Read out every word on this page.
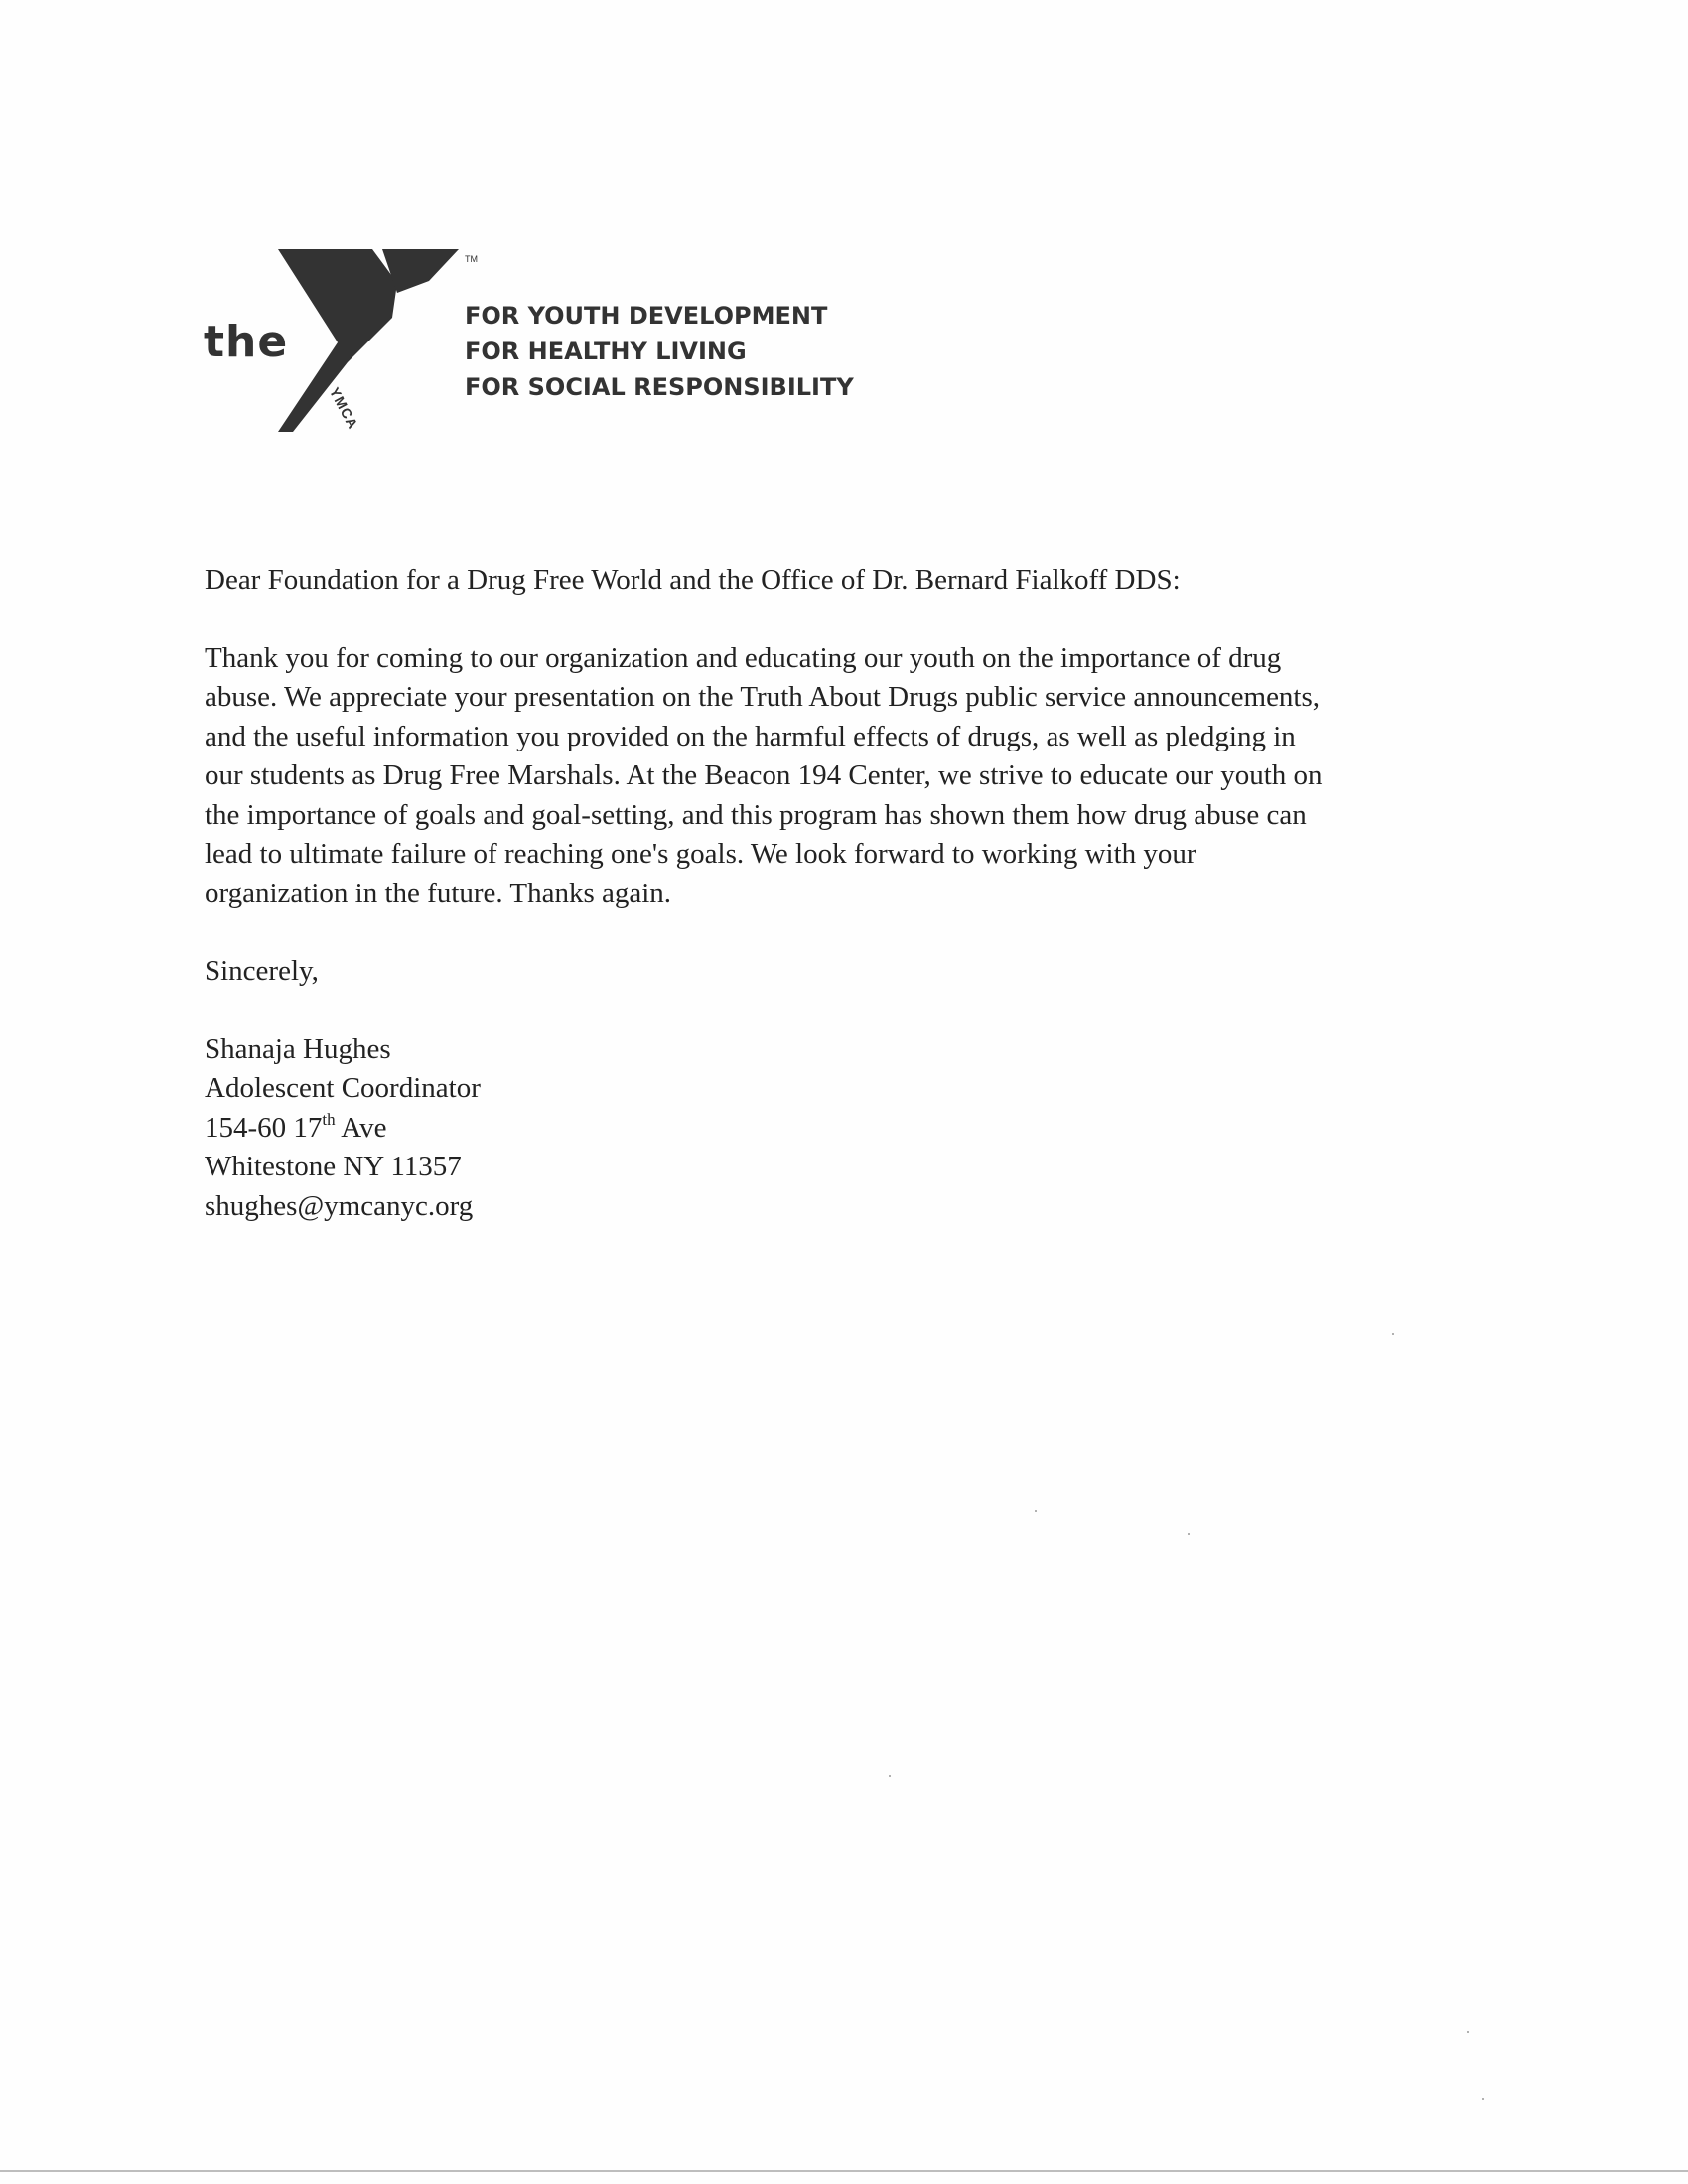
the
TM
YMCA
FOR YOUTH DEVELOPMENT
FOR HEALTHY LIVING
FOR SOCIAL RESPONSIBILITY
Dear Foundation for a Drug Free World and the Office of Dr. Bernard Fialkoff DDS:

Thank you for coming to our organization and educating our youth on the importance of drug

abuse. We appreciate your presentation on the Truth About Drugs public service announcements,

and the useful information you provided on the harmful effects of drugs, as well as pledging in

our students as Drug Free Marshals. At the Beacon 194 Center, we strive to educate our youth on

the importance of goals and goal-setting, and this program has shown them how drug abuse can

lead to ultimate failure of reaching one's goals. We look forward to working with your

organization in the future. Thanks again.

Sincerely,
Shanaja Hughes
Adolescent Coordinator
154-60 17th Ave
Whitestone NY 11357
shughes@ymcanyc.org
